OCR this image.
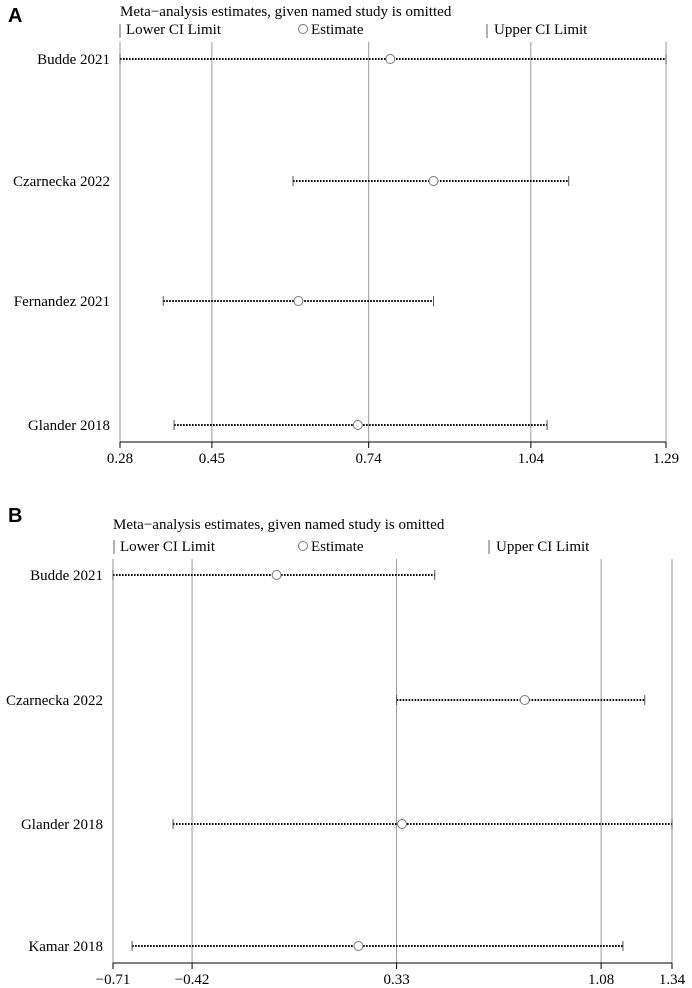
A	Meta−analysis estimates, given named study is omitted
Lower CI Limit	Estimate	Upper CI Limit
0.28	0.45	0.74	1.04	1.29
Budde 2021
Czarnecka 2022
Fernandez 2021
Glander 2018
B	Meta−analysis estimates, given named study is omitted
Lower CI Limit	Estimate	Upper CI Limit
−0.71	−0.42	0.33	1.08	1.34
Budde 2021
Czarnecka 2022
Glander 2018
Kamar 2018
